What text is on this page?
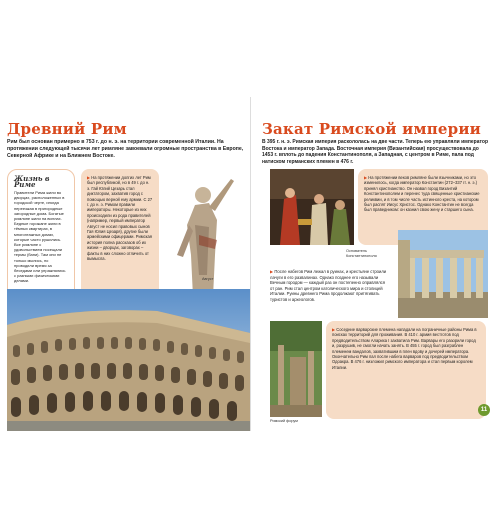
Древний Рим
Рим был основан примерно в 753 г. до н. э. на территории современной Италии. На протяжении следующей тысячи лет римляне завоевали огромные пространства в Европе, Северной Африке и на Ближнем Востоке.
Жизнь в Риме
Правители Рима жили во дворцах, расположенных в городской черте, иногда переезжая в пригородные загородные дома. Богатые римляне жили на виллах. Бедные горожане жили в тёмных квартирах, в многоэтажных домах, которые часто рушились. Все римляне с удовольствием посещали термы (бани). Там они не только мылись, но проводили время за беседами или упражнялись с разными физическими делами.
▶ На протяжении долгих лет Рим был республикой, но в 49 г. до н. э. Гай Юлий Цезарь стал диктатором, захватив город с помощью верной ему армии. С 27 г. до н. э. Римом правили императоры. Некоторые из них происходили из рода правителей (например, первый император Август не носил правовых сынов Гая Юлия Цезаря), другие были армейскими офицерами. Римская история полна рассказов об их жизни – дворцах, заговорах – факты в них сложно отличить от вымысла.
Август
Закат Римской империи
В 395 г. н. э. Римская империя раскололась на две части. Теперь ею управляли император Востока и император Запада. Восточная империя (Византийская) просуществовала до 1453 г. вплоть до падения Константинополя, а Западная, с центром в Риме, пала под натиском германских племен в 476 г.
Основатель Константинополя
▶ На протяжении веков римляне были язычниками, но это изменилось, когда император Константин (272–337 гг. н. э.) принял христианство. Он назвал город Византий Константинополем и перенес туда священные христианские реликвии, и в том числе часть истинного креста, на котором был распят Иисус Христос. Однако Константин не всегда был праведником: он казнил свою жену и старшего сына.
▶ После набегов Рим лежал в руинах, и крестьяне строили лачуги в его развалинах. Однако позднее его называли Вечным городом — каждый раз он постепенно оправлялся от ран. Рим стал центром католического мира и столицей Италии. Руины древнего Рима продолжают притягивать туристов и археологов.
Римский форум
▶ Соседние варварские племена нападали на пограничные районы Рима в поисках территорий для проживания. В 410 г. армия вестготов под предводительством Алариха I захватила Рим. Варвары его разорили город и, разрушив, не смогли начать занять. В 455 г. город был разграблен племенем вандалов, захватившим в плен вдову и дочерей императора. Окончательно Рим пал после набега варваров под предводительством Одоакра. В 476 г. низложил римского императора и стал первым королем Италии.
11
